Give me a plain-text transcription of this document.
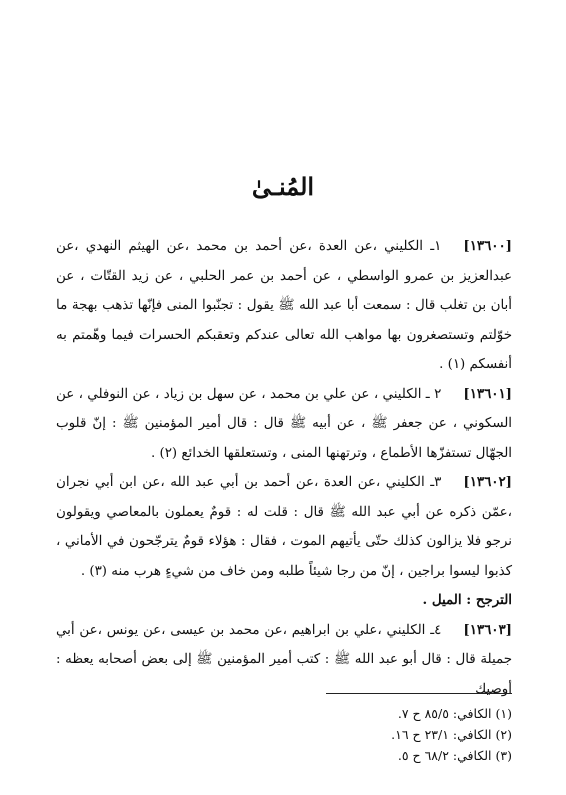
المُنـىٰ

[١٣٦٠٠]١ـ الكليني ،عن العدة ،عن أحمد بن محمد ،عن الهيثم النهدي ،عن عبدالعزيز بن عمرو الواسطي ، عن أحمد بن عمر الحلبي ، عن زيد القتّات ، عن أبان بن تغلب قال : سمعت أبا عبد الله ﷺ يقول : تجنّبوا المنى فإنّها تذهب بهجة ما خوّلتم وتستصغرون بها مواهب الله تعالى عندكم وتعقبكم الحسرات فيما وهّمتم به أنفسكم (١) .

[١٣٦٠١]٢ ـ الكليني ، عن علي بن محمد ، عن سهل بن زياد ، عن النوفلي ، عن السكوني ، عن جعفر ﷺ ، عن أبيه ﷺ قال : قال أمير المؤمنين ﷺ : إنّ قلوب الجهّال تستفزّها الأطماع ، وترتهنها المنى ، وتستعلقها الخدائع (٢) .

[١٣٦٠٢]٣ـ الكليني ،عن العدة ،عن أحمد بن أبي عبد الله ،عن ابن أبي نجران ،عمّن ذكره عن أبي عبد الله ﷺ قال : قلت له : قومٌ يعملون بالمعاصي ويقولون نرجو فلا يزالون كذلك حتّى يأتيهم الموت ، فقال : هؤلاء قومٌ يترجّحون في الأماني ، كذبوا ليسوا براجين ، إنّ من رجا شيئاً طلبه ومن خاف من شيءٍ هرب منه (٣) .

الترجح : الميل .

[١٣٦٠٣]٤ـ الكليني ،علي بن ابراهيم ،عن محمد بن عيسى ،عن يونس ،عن أبي جميلة قال : قال أبو عبد الله ﷺ : كتب أمير المؤمنين ﷺ إلى بعض أصحابه يعظه : أوصيك

(١) الكافي: ٨٥/٥ ح ٧.
(٢) الكافي: ٢٣/١ ح ١٦.
(٣) الكافي: ٦٨/٢ ح ٥.
